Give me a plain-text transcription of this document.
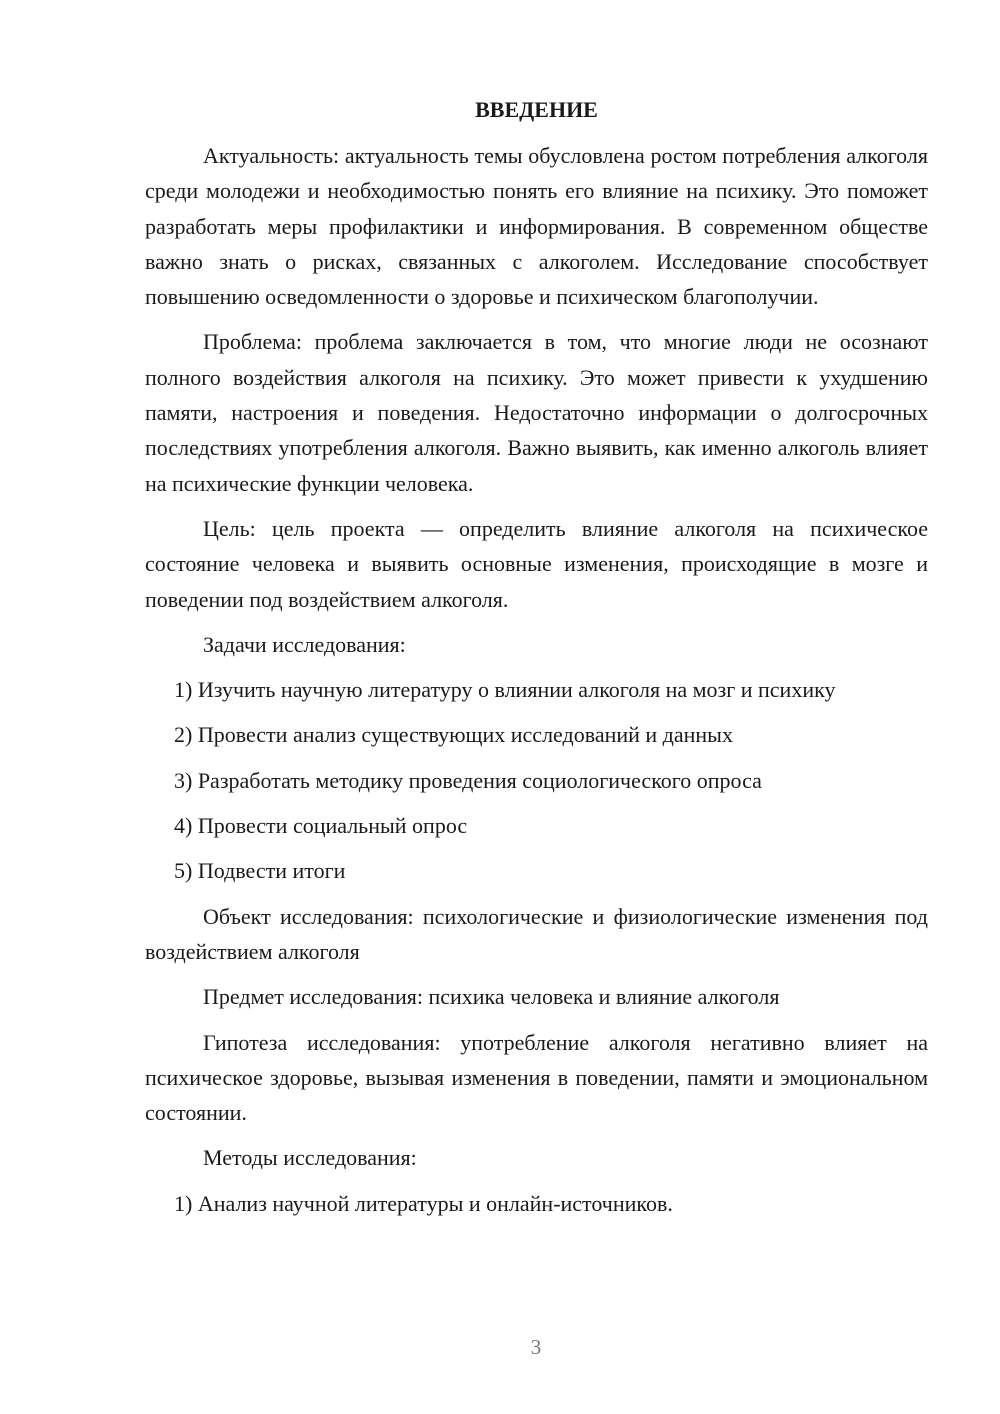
ВВЕДЕНИЕ

Актуальность: актуальность темы обусловлена ростом потребления алкоголя среди молодежи и необходимостью понять его влияние на психику. Это поможет разработать меры профилактики и информирования. В современном обществе важно знать о рисках, связанных с алкоголем. Исследование способствует повышению осведомленности о здоровье и психическом благополучии.

Проблема: проблема заключается в том, что многие люди не осознают полного воздействия алкоголя на психику. Это может привести к ухудшению памяти, настроения и поведения. Недостаточно информации о долгосрочных последствиях употребления алкоголя. Важно выявить, как именно алкоголь влияет на психические функции человека.

Цель: цель проекта — определить влияние алкоголя на психическое состояние человека и выявить основные изменения, происходящие в мозге и поведении под воздействием алкоголя.

Задачи исследования:

1) Изучить научную литературу о влиянии алкоголя на мозг и психику
2) Провести анализ существующих исследований и данных
3) Разработать методику проведения социологического опроса
4) Провести социальный опрос
5) Подвести итоги

Объект исследования: психологические и физиологические изменения под воздействием алкоголя

Предмет исследования: психика человека и влияние алкоголя

Гипотеза исследования: употребление алкоголя негативно влияет на психическое здоровье, вызывая изменения в поведении, памяти и эмоциональном состоянии.

Методы исследования:

1) Анализ научной литературы и онлайн-источников.
3
